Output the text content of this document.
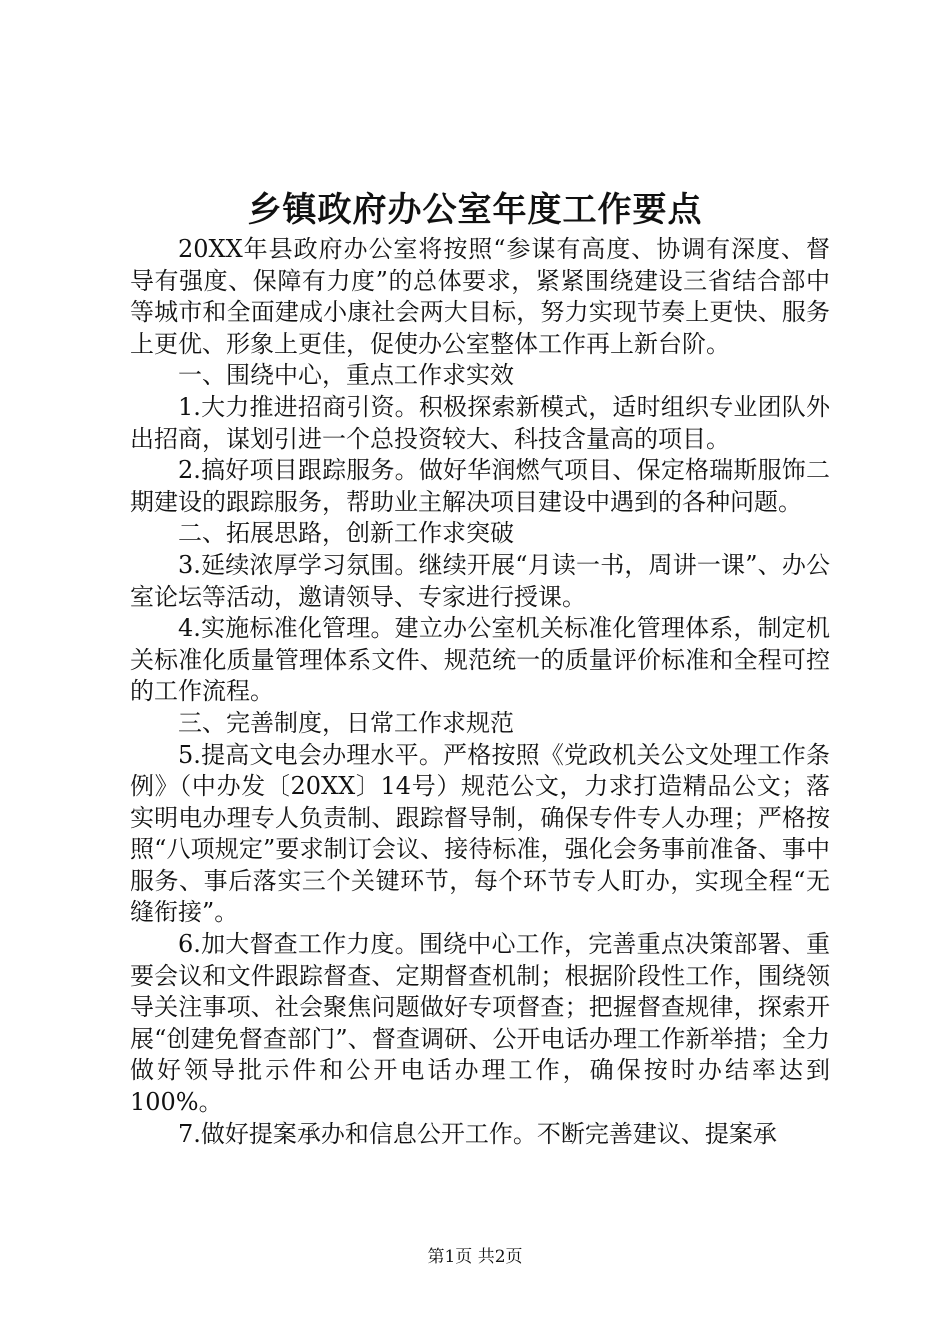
乡镇政府办公室年度工作要点

20XX年县政府办公室将按照“参谋有高度、协调有深度、督导有强度、保障有力度”的总体要求，紧紧围绕建设三省结合部中等城市和全面建成小康社会两大目标，努力实现节奏上更快、服务上更优、形象上更佳，促使办公室整体工作再上新台阶。

一、围绕中心，重点工作求实效

1.大力推进招商引资。积极探索新模式，适时组织专业团队外出招商，谋划引进一个总投资较大、科技含量高的项目。

2.搞好项目跟踪服务。做好华润燃气项目、保定格瑞斯服饰二期建设的跟踪服务，帮助业主解决项目建设中遇到的各种问题。

二、拓展思路，创新工作求突破

3.延续浓厚学习氛围。继续开展“月读一书，周讲一课”、办公室论坛等活动，邀请领导、专家进行授课。

4.实施标准化管理。建立办公室机关标准化管理体系，制定机关标准化质量管理体系文件、规范统一的质量评价标准和全程可控的工作流程。

三、完善制度，日常工作求规范

5.提高文电会办理水平。严格按照《党政机关公文处理工作条例》（中办发〔20XX〕14号）规范公文，力求打造精品公文；落实明电办理专人负责制、跟踪督导制，确保专件专人办理；严格按照“八项规定”要求制订会议、接待标准，强化会务事前准备、事中服务、事后落实三个关键环节，每个环节专人盯办，实现全程“无缝衔接”。

6.加大督查工作力度。围绕中心工作，完善重点决策部署、重要会议和文件跟踪督查、定期督查机制；根据阶段性工作，围绕领导关注事项、社会聚焦问题做好专项督查；把握督查规律，探索开展“创建免督查部门”、督查调研、公开电话办理工作新举措；全力做好领导批示件和公开电话办理工作，确保按时办结率达到100%。

7.做好提案承办和信息公开工作。不断完善建议、提案承

第1页 共2页
